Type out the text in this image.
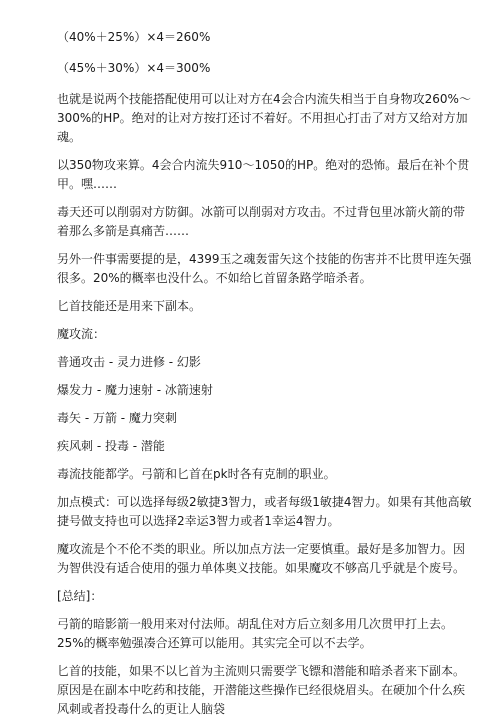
（40%＋25%）×4＝260%

（45%＋30%）×4＝300%

也就是说两个技能搭配使用可以让对方在4会合内流失相当于自身物攻260%～300%的HP。绝对的让对方按打还讨不着好。不用担心打击了对方又给对方加魂。

以350物攻来算。4会合内流失910～1050的HP。绝对的恐怖。最后在补个贯甲。嘿……

毒天还可以削弱对方防御。冰箭可以削弱对方攻击。不过背包里冰箭火箭的带着那么多箭是真痛苦……

另外一件事需要提的是，4399玉之魂轰雷矢这个技能的伤害并不比贯甲连矢强很多。20%的概率也没什么。不如给匕首留条路学暗杀者。

匕首技能还是用来下副本。

魔攻流：

普通攻击 - 灵力进修 - 幻影

爆发力 - 魔力速射 - 冰箭速射

毒矢 - 万箭 - 魔力突刺

疾风刺 - 投毒 - 潜能

毒流技能都学。弓箭和匕首在pk时各有克制的职业。

加点模式：可以选择每级2敏捷3智力，或者每级1敏捷4智力。如果有其他高敏捷号做支持也可以选择2幸运3智力或者1幸运4智力。

魔攻流是个不伦不类的职业。所以加点方法一定要慎重。最好是多加智力。因为智供没有适合使用的强力单体奥义技能。如果魔攻不够高几乎就是个废号。

[总结]：

弓箭的暗影箭一般用来对付法师。胡乱住对方后立刻多用几次贯甲打上去。25%的概率勉强凑合还算可以能用。其实完全可以不去学。

匕首的技能，如果不以匕首为主流则只需要学飞镖和潜能和暗杀者来下副本。原因是在副本中吃药和技能，开潜能这些操作已经很烧眉头。在硬加个什么疾风刺或者投毒什么的更让人脑袋
